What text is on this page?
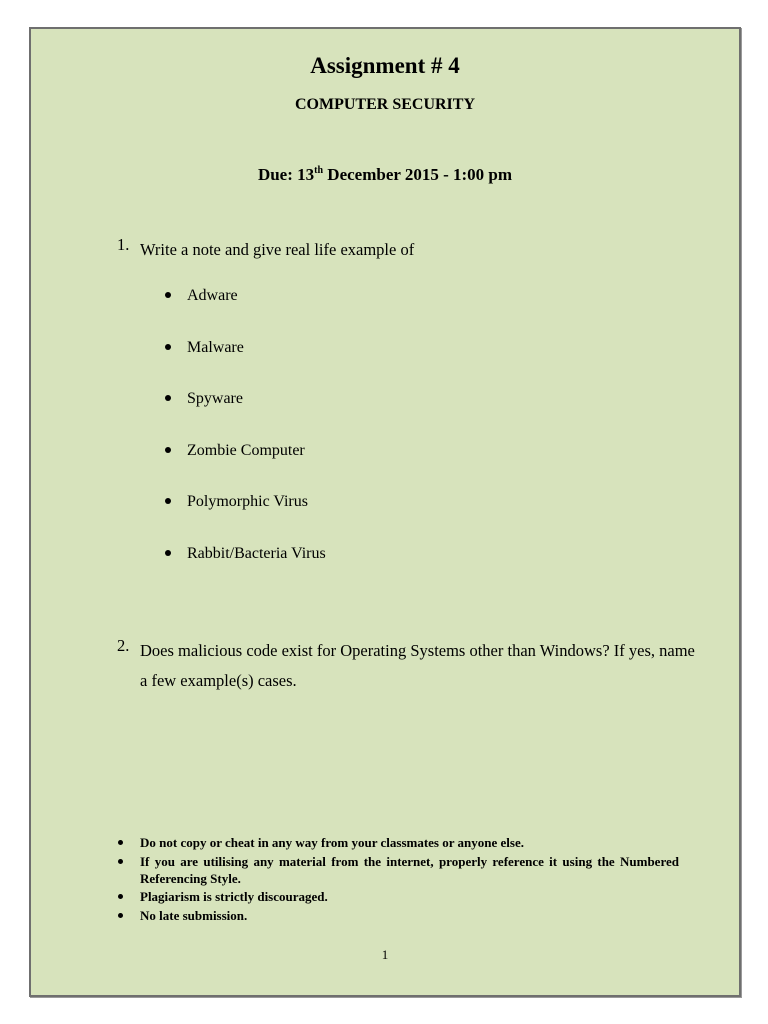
Assignment # 4
COMPUTER SECURITY
Due: 13th December 2015 - 1:00 pm
1. Write a note and give real life example of
Adware
Malware
Spyware
Zombie Computer
Polymorphic Virus
Rabbit/Bacteria Virus
2. Does malicious code exist for Operating Systems other than Windows? If yes, name a few example(s) cases.
Do not copy or cheat in any way from your classmates or anyone else.
If you are utilising any material from the internet, properly reference it using the Numbered Referencing Style.
Plagiarism is strictly discouraged.
No late submission.
1
